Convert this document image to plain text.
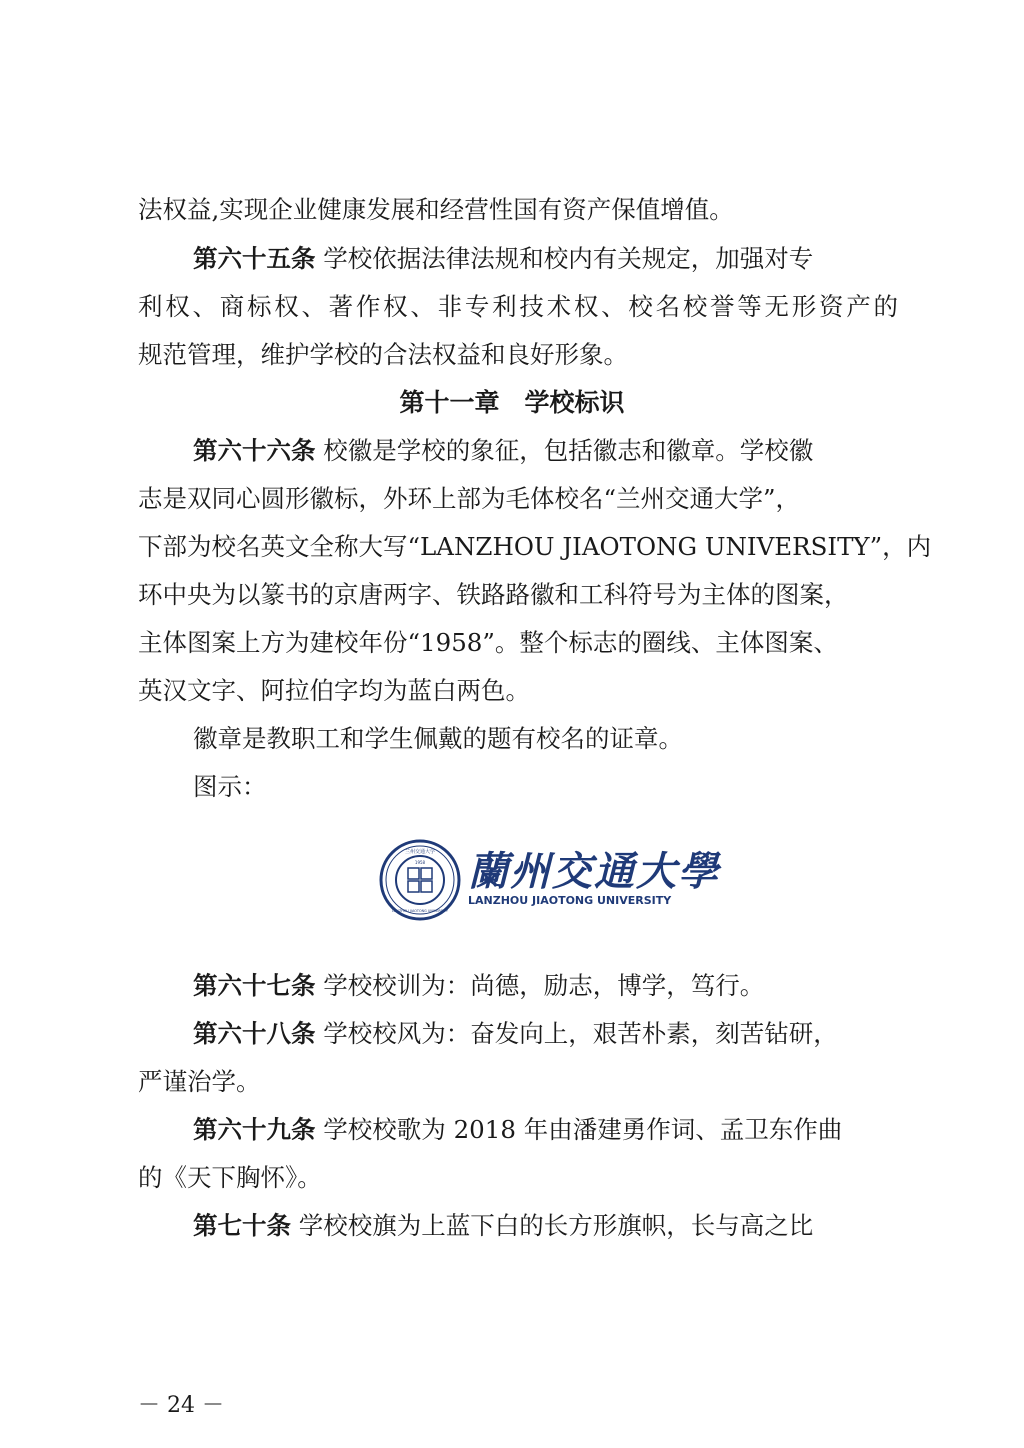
法权益,实现企业健康发展和经营性国有资产保值增值。
第六十五条 学校依据法律法规和校内有关规定，加强对专
利权、商标权、著作权、非专利技术权、校名校誉等无形资产的
规范管理，维护学校的合法权益和良好形象。
第十一章　学校标识
第六十六条 校徽是学校的象征，包括徽志和徽章。学校徽
志是双同心圆形徽标，外环上部为毛体校名“兰州交通大学”，
下部为校名英文全称大写“LANZHOU JIAOTONG UNIVERSITY”，内
环中央为以篆书的京唐两字、铁路路徽和工科符号为主体的图案，
主体图案上方为建校年份“1958”。整个标志的圈线、主体图案、
英汉文字、阿拉伯字均为蓝白两色。
徽章是教职工和学生佩戴的题有校名的证章。
图示：
兰州交通大学
1958
LANZHOU JIAOTONG UNIVERSITY
蘭州交通大學
LANZHOU JIAOTONG UNIVERSITY
第六十七条 学校校训为：尚德，励志，博学，笃行。
第六十八条 学校校风为：奋发向上，艰苦朴素，刻苦钻研，
严谨治学。
第六十九条 学校校歌为 2018 年由潘建勇作词、孟卫东作曲
的《天下胸怀》。
第七十条 学校校旗为上蓝下白的长方形旗帜，长与高之比
－ 24 －
